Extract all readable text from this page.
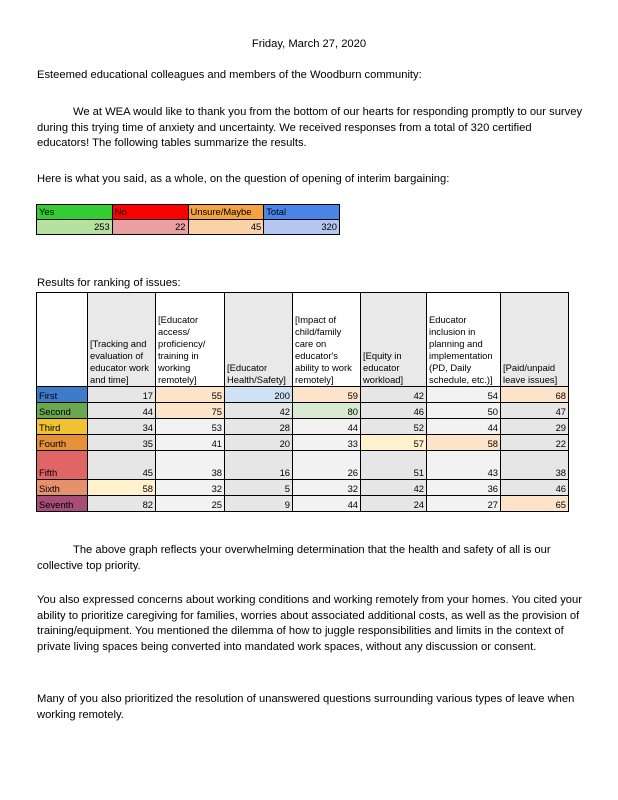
Friday, March 27, 2020

Esteemed educational colleagues and members of the Woodburn community:

We at WEA would like to thank you from the bottom of our hearts for responding promptly to our survey during this trying time of anxiety and uncertainty. We received responses from a total of 320 certified educators! The following tables summarize the results.

Here is what you said, as a whole, on the question of opening of interim bargaining:

Yes	No	Unsure/Maybe	Total
253	22	45	320

Results for ranking of issues:

	[Tracking and evaluation of educator work and time]	[Educator access/ proficiency/ training in working remotely]	[Educator Health/Safety]	[Impact of child/family care on educator's ability to work remotely]	[Equity in educator workload]	Educator inclusion in planning and implementation (PD, Daily schedule, etc.)]	[Paid/unpaid leave issues]
First	17	55	200	59	42	54	68
Second	44	75	42	80	46	50	47
Third	34	53	28	44	52	44	29
Fourth	35	41	20	33	57	58	22
Fifth	45	38	16	26	51	43	38
Sixth	58	32	5	32	42	36	46
Seventh	82	25	9	44	24	27	65

The above graph reflects your overwhelming determination that the health and safety of all is our collective top priority.

You also expressed concerns about working conditions and working remotely from your homes. You cited your ability to prioritize caregiving for families, worries about associated additional costs, as well as the provision of training/equipment. You mentioned the dilemma of how to juggle responsibilities and limits in the context of private living spaces being converted into mandated work spaces, without any discussion or consent.

Many of you also prioritized the resolution of unanswered questions surrounding various types of leave when working remotely.
